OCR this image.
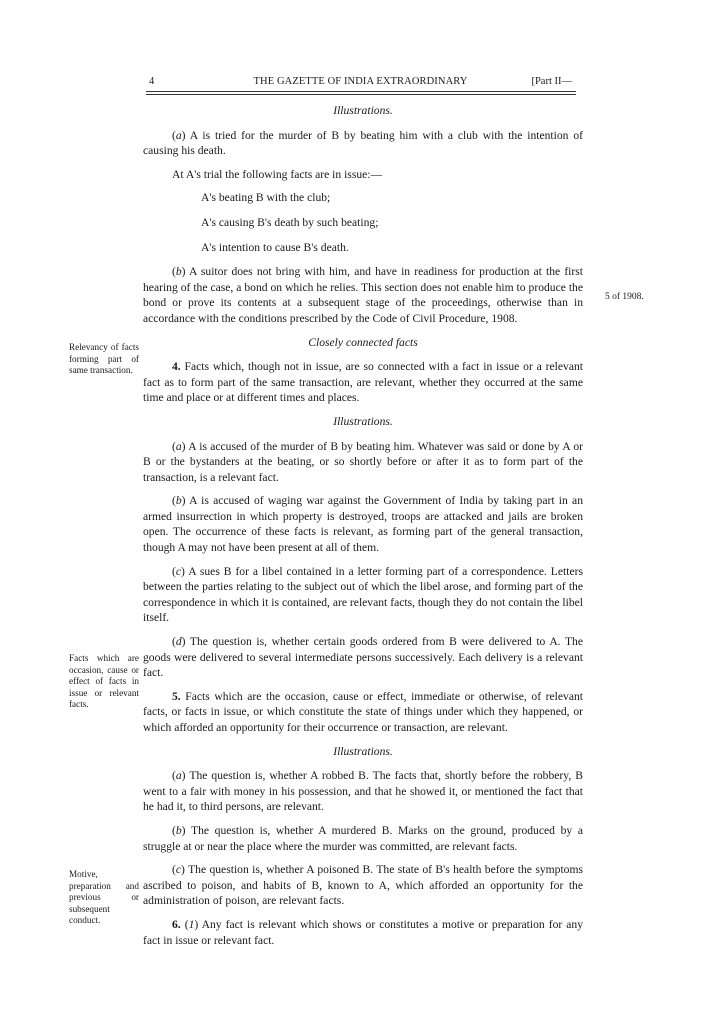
4	THE GAZETTE OF INDIA EXTRAORDINARY	[Part II—

Illustrations.

(a) A is tried for the murder of B by beating him with a club with the intention of causing his death.

At A's trial the following facts are in issue:—

A's beating B with the club;

A's causing B's death by such beating;

A's intention to cause B's death.

(b) A suitor does not bring with him, and have in readiness for production at the first hearing of the case, a bond on which he relies. This section does not enable him to produce the bond or prove its contents at a subsequent stage of the proceedings, otherwise than in accordance with the conditions prescribed by the Code of Civil Procedure, 1908.

Closely connected facts

4. Facts which, though not in issue, are so connected with a fact in issue or a relevant fact as to form part of the same transaction, are relevant, whether they occurred at the same time and place or at different times and places.

Illustrations.

(a) A is accused of the murder of B by beating him. Whatever was said or done by A or B or the bystanders at the beating, or so shortly before or after it as to form part of the transaction, is a relevant fact.

(b) A is accused of waging war against the Government of India by taking part in an armed insurrection in which property is destroyed, troops are attacked and jails are broken open. The occurrence of these facts is relevant, as forming part of the general transaction, though A may not have been present at all of them.

(c) A sues B for a libel contained in a letter forming part of a correspondence. Letters between the parties relating to the subject out of which the libel arose, and forming part of the correspondence in which it is contained, are relevant facts, though they do not contain the libel itself.

(d) The question is, whether certain goods ordered from B were delivered to A. The goods were delivered to several intermediate persons successively. Each delivery is a relevant fact.

5. Facts which are the occasion, cause or effect, immediate or otherwise, of relevant facts, or facts in issue, or which constitute the state of things under which they happened, or which afforded an opportunity for their occurrence or transaction, are relevant.

Illustrations.

(a) The question is, whether A robbed B. The facts that, shortly before the robbery, B went to a fair with money in his possession, and that he showed it, or mentioned the fact that he had it, to third persons, are relevant.

(b) The question is, whether A murdered B. Marks on the ground, produced by a struggle at or near the place where the murder was committed, are relevant facts.

(c) The question is, whether A poisoned B. The state of B's health before the symptoms ascribed to poison, and habits of B, known to A, which afforded an opportunity for the administration of poison, are relevant facts.

6. (1) Any fact is relevant which shows or constitutes a motive or preparation for any fact in issue or relevant fact.

5 of 1908.
Relevancy of facts forming part of same transaction.
Facts which are occasion, cause or effect of facts in issue or relevant facts.
Motive, preparation and previous or subsequent conduct.
